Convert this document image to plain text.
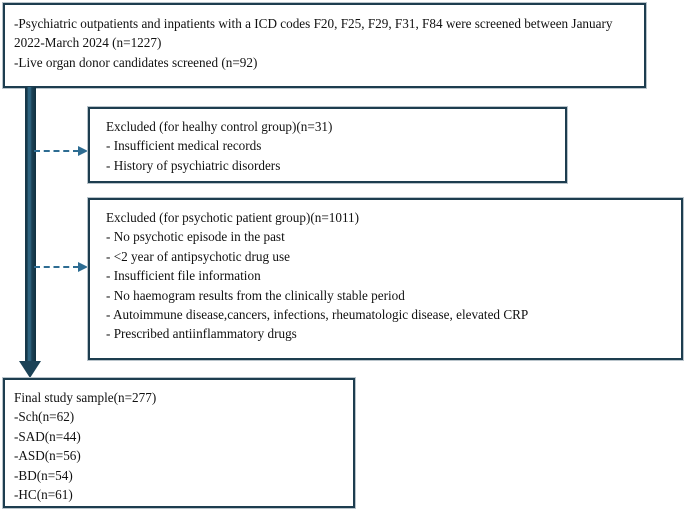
-Psychiatric outpatients and inpatients with a ICD codes F20, F25, F29, F31, F84 were screened between January 2022-March 2024 (n=1227)
-Live organ donor candidates screened (n=92)
Excluded (for healhy control group)(n=31)
- Insufficient medical records
- History of psychiatric disorders
Excluded (for psychotic patient group)(n=1011)
- No psychotic episode in the past
- <2 year of antipsychotic drug use
- Insufficient file information
- No haemogram results from the clinically stable period
- Autoimmune disease,cancers, infections, rheumatologic disease, elevated CRP
- Prescribed antiinflammatory drugs
Final study sample(n=277)
-Sch(n=62)
-SAD(n=44)
-ASD(n=56)
-BD(n=54)
-HC(n=61)
